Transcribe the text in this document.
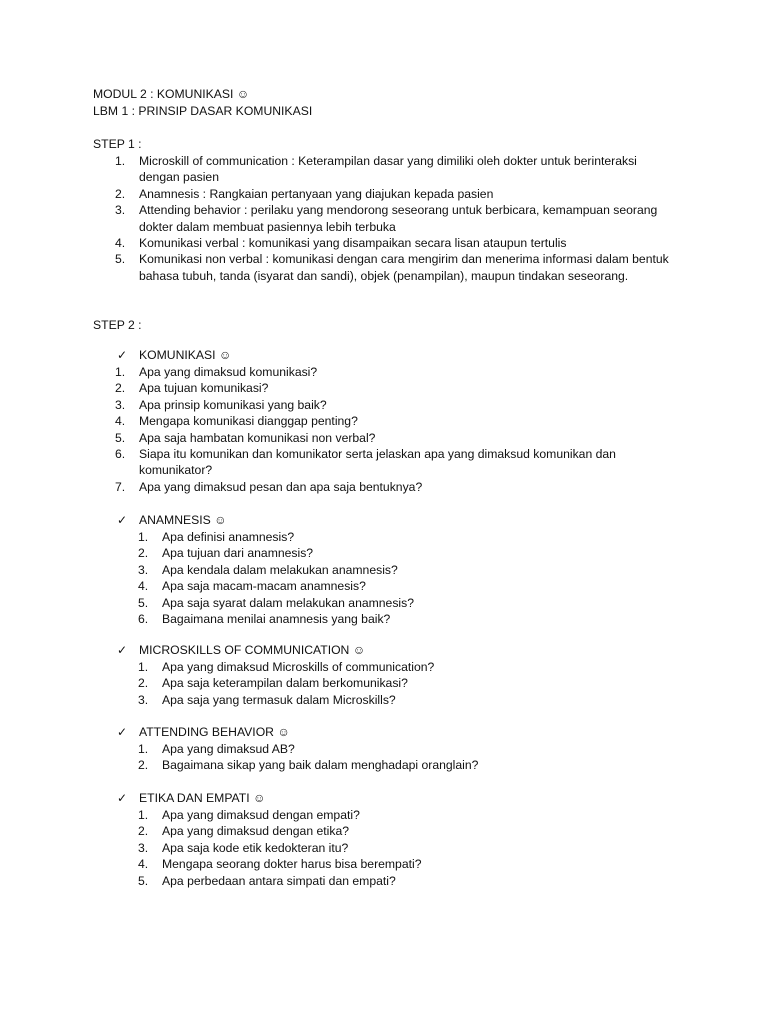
MODUL 2 : KOMUNIKASI ☺
LBM 1 : PRINSIP DASAR KOMUNIKASI
STEP 1 :
1. Microskill of communication : Keterampilan dasar yang dimiliki oleh dokter untuk berinteraksi dengan pasien
2. Anamnesis : Rangkaian pertanyaan yang diajukan kepada pasien
3. Attending behavior : perilaku yang mendorong seseorang untuk berbicara, kemampuan seorang dokter dalam membuat pasiennya lebih terbuka
4. Komunikasi verbal : komunikasi yang disampaikan secara lisan ataupun tertulis
5. Komunikasi non verbal : komunikasi dengan cara mengirim dan menerima informasi dalam bentuk bahasa tubuh, tanda (isyarat dan sandi), objek (penampilan), maupun tindakan seseorang.
STEP 2 :
✓ KOMUNIKASI ☺
1. Apa yang dimaksud komunikasi?
2. Apa tujuan komunikasi?
3. Apa prinsip komunikasi yang baik?
4. Mengapa komunikasi dianggap penting?
5. Apa saja hambatan komunikasi non verbal?
6. Siapa itu komunikan dan komunikator serta jelaskan apa yang dimaksud komunikan dan komunikator?
7. Apa yang dimaksud pesan dan apa saja bentuknya?
✓ ANAMNESIS ☺
1. Apa definisi anamnesis?
2. Apa tujuan dari anamnesis?
3. Apa kendala dalam melakukan anamnesis?
4. Apa saja macam-macam anamnesis?
5. Apa saja syarat dalam melakukan anamnesis?
6. Bagaimana menilai anamnesis yang baik?
✓ MICROSKILLS OF COMMUNICATION ☺
1. Apa yang dimaksud Microskills of communication?
2. Apa saja keterampilan dalam berkomunikasi?
3. Apa saja yang termasuk dalam Microskills?
✓ ATTENDING BEHAVIOR ☺
1. Apa yang dimaksud AB?
2. Bagaimana sikap yang baik dalam menghadapi oranglain?
✓ ETIKA DAN EMPATI ☺
1. Apa yang dimaksud dengan empati?
2. Apa yang dimaksud dengan etika?
3. Apa saja kode etik kedokteran itu?
4. Mengapa seorang dokter harus bisa berempati?
5. Apa perbedaan antara simpati dan empati?
